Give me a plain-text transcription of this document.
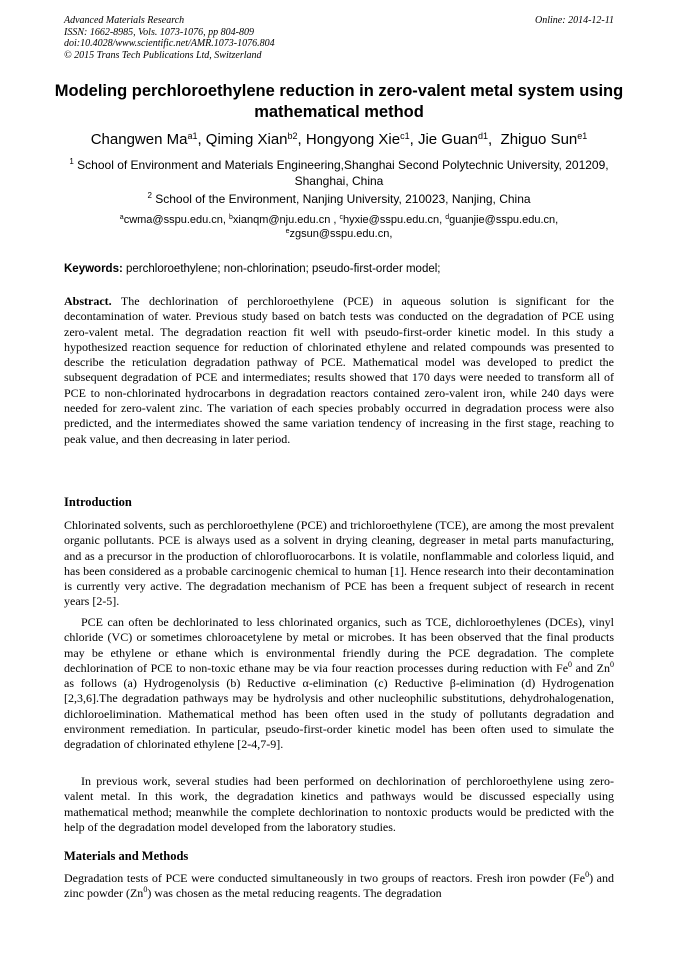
Advanced Materials Research
ISSN: 1662-8985, Vols. 1073-1076, pp 804-809
doi:10.4028/www.scientific.net/AMR.1073-1076.804
© 2015 Trans Tech Publications Ltd, Switzerland
Online: 2014-12-11
Modeling perchloroethylene reduction in zero-valent metal system using mathematical method
Changwen $Ma^{a1}$, Qiming Xian$^{b2}$, Hongyong Xie$^{c1}$, Jie Guan$^{d1}$,  Zhiguo Sun$^{e1}$
$^1$ School of Environment and Materials Engineering,Shanghai Second Polytechnic University, 201209, Shanghai, China
$^2$ School of the Environment, Nanjing University, 210023, Nanjing, China
$^a$cwma@sspu.edu.cn, $^b$xianqm@nju.edu.cn , $^c$hyxie@sspu.edu.cn, $^d$guanjie@sspu.edu.cn,
$^e$zgsun@sspu.edu.cn,
Keywords: perchloroethylene; non-chlorination; pseudo-first-order model;

Abstract. The dechlorination of perchloroethylene (PCE) in aqueous solution is significant for the decontamination of water. Previous study based on batch tests was conducted on the degradation of PCE using zero-valent metal. The degradation reaction fit well with pseudo-first-order kinetic model. In this study a hypothesized reaction sequence for reduction of chlorinated ethylene and related compounds was presented to describe the reticulation degradation pathway of PCE. Mathematical model was developed to predict the subsequent degradation of PCE and intermediates; results showed that 170 days were needed to transform all of PCE to non-chlorinated hydrocarbons in degradation reactors contained zero-valent iron, while 240 days were needed for zero-valent zinc. The variation of each species probably occurred in degradation process were also predicted, and the intermediates showed the same variation tendency of increasing in the first stage, reaching to peak value, and then decreasing in later period.

Introduction

Chlorinated solvents, such as perchloroethylene (PCE) and trichloroethylene (TCE), are among the most prevalent organic pollutants. PCE is always used as a solvent in drying cleaning, degreaser in metal parts manufacturing, and as a precursor in the production of chlorofluorocarbons. It is volatile, nonflammable and colorless liquid, and has been considered as a probable carcinogenic chemical to human [1]. Hence research into their decontamination is currently very active. The degradation mechanism of PCE has been a frequent subject of research in recent years [2-5].

PCE can often be dechlorinated to less chlorinated organics, such as TCE, dichloroethylenes (DCEs), vinyl chloride (VC) or sometimes chloroacetylene by metal or microbes. It has been observed that the final products may be ethylene or ethane which is environmental friendly during the PCE degradation. The complete dechlorination of PCE to non-toxic ethane may be via four reaction processes during reduction with Fe$^0$ and Zn$^0$ as follows (a) Hydrogenolysis (b) Reductive α-elimination (c) Reductive β-elimination (d) Hydrogenation [2,3,6].The degradation pathways may be hydrolysis and other nucleophilic substitutions, dehydrohalogenation, dichloroelimination. Mathematical method has been often used in the study of pollutants degradation and environment remediation. In particular, pseudo-first-order kinetic model has been often used to simulate the degradation of chlorinated ethylene [2-4,7-9].

In previous work, several studies had been performed on dechlorination of perchloroethylene using zero-valent metal. In this work, the degradation kinetics and pathways would be discussed especially using mathematical method; meanwhile the complete dechlorination to nontoxic products would be predicted with the help of the degradation model developed from the laboratory studies.

Materials and Methods

Degradation tests of PCE were conducted simultaneously in two groups of reactors. Fresh iron powder (Fe$^0$) and zinc powder (Zn$^0$) was chosen as the metal reducing reagents. The degradation
